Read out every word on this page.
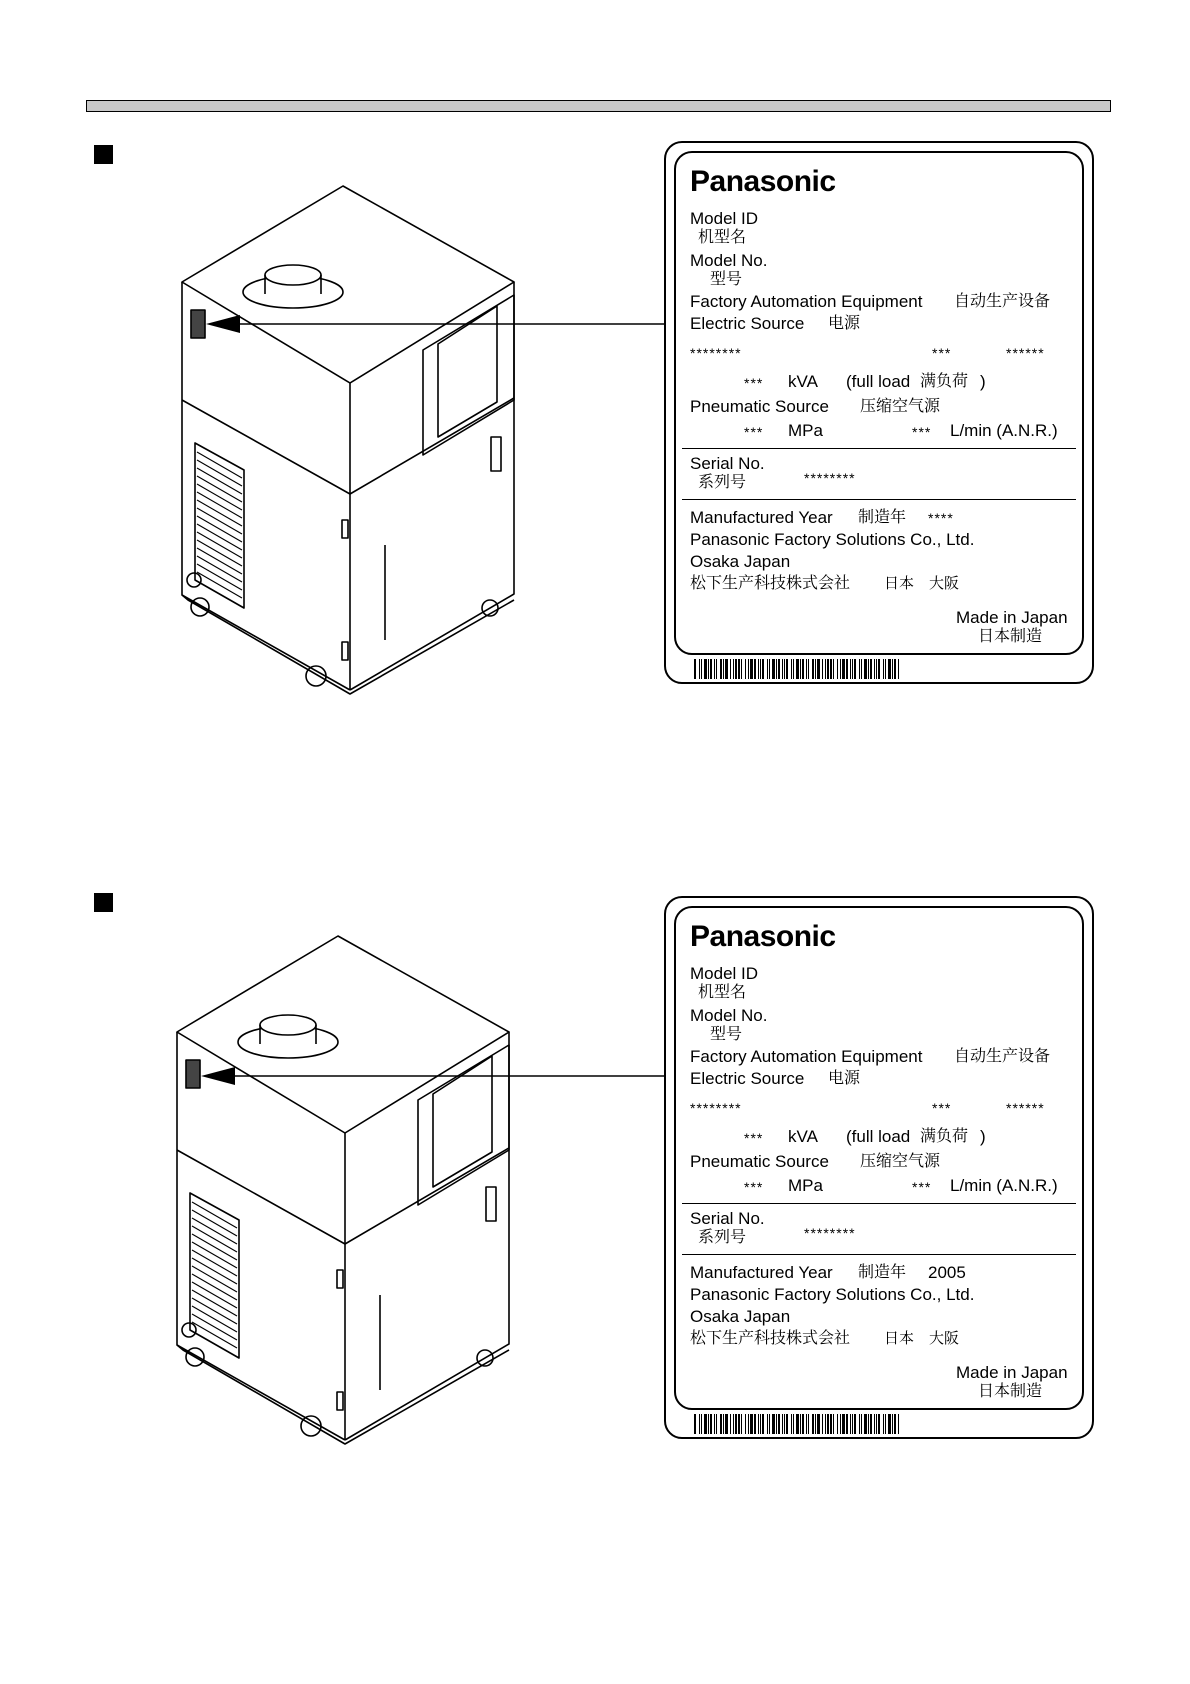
Panasonic
Model ID
机型名
Model No.
型号
Factory Automation Equipment 自动生产设备
Electric Source 电源
********	***	******
*** kVA (full load 满负荷 )
Pneumatic Source 压缩空气源
*** MPa	*** L/min (A.N.R.)
Serial No.
系列号	********
Manufactured Year 制造年 ****
Panasonic Factory Solutions Co., Ltd.
Osaka Japan
松下生产科技株式会社 日本　大阪
Made in Japan
日本制造
Panasonic
Model ID
机型名
Model No.
型号
Factory Automation Equipment 自动生产设备
Electric Source 电源
********	***	******
*** kVA (full load 满负荷 )
Pneumatic Source 压缩空气源
*** MPa	*** L/min (A.N.R.)
Serial No.
系列号	********
Manufactured Year 制造年 2005
Panasonic Factory Solutions Co., Ltd.
Osaka Japan
松下生产科技株式会社 日本　大阪
Made in Japan
日本制造
